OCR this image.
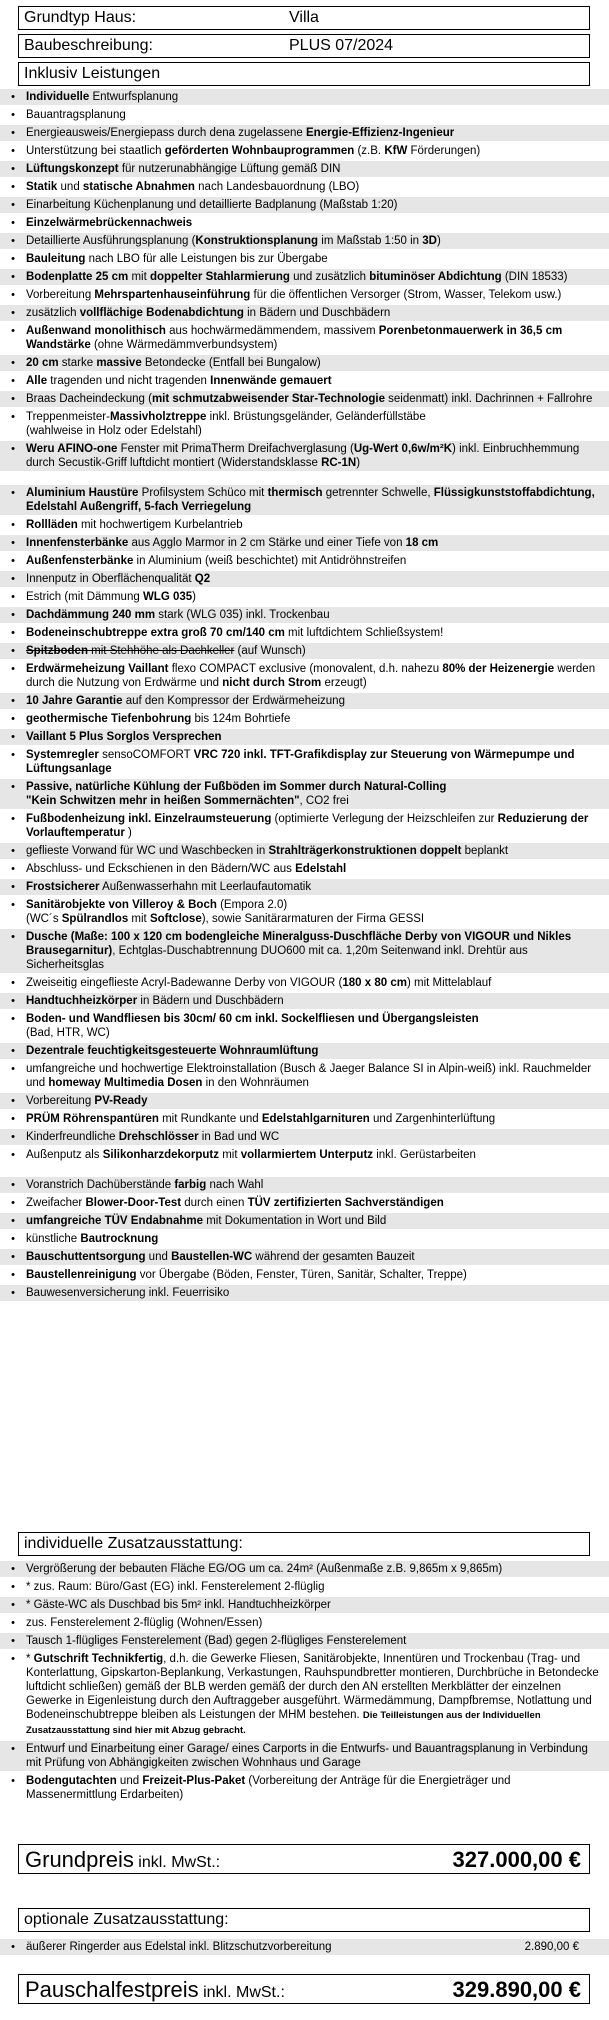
Grundtyp Haus:	Villa
Baubeschreibung:	PLUS 07/2024
Inklusiv Leistungen
• Individuelle Entwurfsplanung
• Bauantragsplanung
• Energieausweis/Energiepass durch dena zugelassene Energie-Effizienz-Ingenieur
• Unterstützung bei staatlich geförderten Wohnbauprogrammen (z.B. KfW Förderungen)
• Lüftungskonzept für nutzerunabhängige Lüftung gemäß DIN
• Statik und statische Abnahmen nach Landesbauordnung (LBO)
• Einarbeitung Küchenplanung und detaillierte Badplanung (Maßstab 1:20)
• Einzelwärmebrückennachweis
• Detaillierte Ausführungsplanung (Konstruktionsplanung im Maßstab 1:50 in 3D)
• Bauleitung nach LBO für alle Leistungen bis zur Übergabe
• Bodenplatte 25 cm mit doppelter Stahlarmierung und zusätzlich bituminöser Abdichtung (DIN 18533)
• Vorbereitung Mehrspartenhauseinführung für die öffentlichen Versorger (Strom, Wasser, Telekom usw.)
• zusätzlich vollflächige Bodenabdichtung in Bädern und Duschbädern
• Außenwand monolithisch aus hochwärmedämmendem, massivem Porenbetonmauerwerk in 36,5 cm Wandstärke (ohne Wärmedämmverbundsystem)
• 20 cm starke massive Betondecke (Entfall bei Bungalow)
• Alle tragenden und nicht tragenden Innenwände gemauert
• Braas Dacheindeckung (mit schmutzabweisender Star-Technologie seidenmatt) inkl. Dachrinnen + Fallrohre
• Treppenmeister-Massivholztreppe inkl. Brüstungsgeländer, Geländerfüllstäbe
(wahlweise in Holz oder Edelstahl)
• Weru AFINO-one Fenster mit PrimaTherm Dreifachverglasung (Ug-Wert 0,6w/m²K) inkl. Einbruchhemmung durch Secustik-Griff luftdicht montiert (Widerstandsklasse RC-1N)
• Aluminium Haustüre Profilsystem Schüco mit thermisch getrennter Schwelle, Flüssigkunststoffabdichtung, Edelstahl Außengriff, 5-fach Verriegelung
• Rollläden mit hochwertigem Kurbelantrieb
• Innenfensterbänke aus Agglo Marmor in 2 cm Stärke und einer Tiefe von 18 cm
• Außenfensterbänke in Aluminium (weiß beschichtet) mit Antidröhnstreifen
• Innenputz in Oberflächenqualität Q2
• Estrich (mit Dämmung WLG 035)
• Dachdämmung 240 mm stark (WLG 035) inkl. Trockenbau
• Bodeneinschubtreppe extra groß 70 cm/140 cm mit luftdichtem Schließsystem!
• Spitzboden mit Stehhöhe als Dachkeller (auf Wunsch)
• Erdwärmeheizung Vaillant flexo COMPACT exclusive (monovalent, d.h. nahezu 80% der Heizenergie werden durch die Nutzung von Erdwärme und nicht durch Strom erzeugt)
• 10 Jahre Garantie auf den Kompressor der Erdwärmeheizung
• geothermische Tiefenbohrung bis 124m Bohrtiefe
• Vaillant 5 Plus Sorglos Versprechen
• Systemregler sensoCOMFORT VRC 720 inkl. TFT-Grafikdisplay zur Steuerung von Wärmepumpe und Lüftungsanlage
• Passive, natürliche Kühlung der Fußböden im Sommer durch Natural-Colling
"Kein Schwitzen mehr in heißen Sommernächten", CO2 frei
• Fußbodenheizung inkl. Einzelraumsteuerung (optimierte Verlegung der Heizschleifen zur Reduzierung der Vorlauftemperatur )
• geflieste Vorwand für WC und Waschbecken in Strahlträgerkonstruktionen doppelt beplankt
• Abschluss- und Eckschienen in den Bädern/WC aus Edelstahl
• Frostsicherer Außenwasserhahn mit Leerlaufautomatik
• Sanitärobjekte von Villeroy & Boch (Empora 2.0)
(WC´s Spülrandlos mit Softclose), sowie Sanitärarmaturen der Firma GESSI
• Dusche (Maße: 100 x 120 cm bodengleiche Mineralguss-Duschfläche Derby von VIGOUR und Nikles Brausegarnitur), Echtglas-Duschabtrennung DUO600 mit ca. 1,20m Seitenwand inkl. Drehtür aus Sicherheitsglas
• Zweiseitig eingeflieste Acryl-Badewanne Derby von VIGOUR (180 x 80 cm) mit Mittelablauf
• Handtuchheizkörper in Bädern und Duschbädern
• Boden- und Wandfliesen bis 30cm/ 60 cm inkl. Sockelfliesen und Übergangsleisten
(Bad, HTR, WC)
• Dezentrale feuchtigkeitsgesteuerte Wohnraumlüftung
• umfangreiche und hochwertige Elektroinstallation (Busch & Jaeger Balance SI in Alpin-weiß) inkl. Rauchmelder und homeway Multimedia Dosen in den Wohnräumen
• Vorbereitung PV-Ready
• PRÜM Röhrenspantüren mit Rundkante und Edelstahlgarnituren und Zargenhinterlüftung
• Kinderfreundliche Drehschlösser in Bad und WC
• Außenputz als Silikonharzdekorputz mit vollarmiertem Unterputz inkl. Gerüstarbeiten
• Voranstrich Dachüberstände farbig nach Wahl
• Zweifacher Blower-Door-Test durch einen TÜV zertifizierten Sachverständigen
• umfangreiche TÜV Endabnahme mit Dokumentation in Wort und Bild
• künstliche Bautrocknung
• Bauschuttentsorgung und Baustellen-WC während der gesamten Bauzeit
• Baustellenreinigung vor Übergabe (Böden, Fenster, Türen, Sanitär, Schalter, Treppe)
• Bauwesenversicherung inkl. Feuerrisiko
individuelle Zusatzausstattung:
• Vergrößerung der bebauten Fläche EG/OG um ca. 24m² (Außenmaße z.B. 9,865m x 9,865m)
• * zus. Raum: Büro/Gast (EG) inkl. Fensterelement 2-flüglig
• * Gäste-WC als Duschbad bis 5m² inkl. Handtuchheizkörper
• zus. Fensterelement 2-flüglig (Wohnen/Essen)
• Tausch 1-flügliges Fensterelement (Bad) gegen 2-flügliges Fensterelement
• * Gutschrift Technikfertig, d.h. die Gewerke Fliesen, Sanitärobjekte, Innentüren und Trockenbau (Trag- und Konterlattung, Gipskarton-Beplankung, Verkastungen, Rauhspundbretter montieren, Durchbrüche in Betondecke luftdicht schließen) gemäß der BLB werden gemäß der durch den AN erstellten Merkblätter der einzelnen Gewerke in Eigenleistung durch den Auftraggeber ausgeführt. Wärmedämmung, Dampfbremse, Notlattung und Bodeneinschubtreppe bleiben als Leistungen der MHM bestehen. Die Teilleistungen aus der Individuellen Zusatzausstattung sind hier mit Abzug gebracht.
• Entwurf und Einarbeitung einer Garage/ eines Carports in die Entwurfs- und Bauantragsplanung in Verbindung mit Prüfung von Abhängigkeiten zwischen Wohnhaus und Garage
• Bodengutachten und Freizeit-Plus-Paket (Vorbereitung der Anträge für die Energieträger und Massenermittlung Erdarbeiten)
Grundpreis inkl. MwSt.:	327.000,00 €
optionale Zusatzausstattung:
• äußerer Ringerder aus Edelstal inkl. Blitzschutzvorbereitung	2.890,00 €
Pauschalfestpreis inkl. MwSt.:	329.890,00 €
